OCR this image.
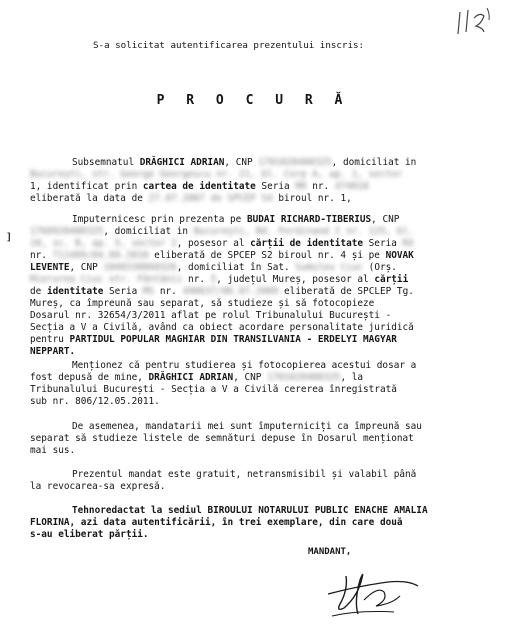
S-a solicitat autentificarea prezentului inscris:
P R O C U R Ă
Subsemnatul DRĂGHICI ADRIAN, CNP 1701020400325, domiciliat in
București, str. George Georgescu nr. 21, bl. Corp A, ap. 1, sector
1, identificat prin cartea de identitate Seria RR nr. 474018
eliberată la data de 27.07.2007 de SPCEP S4 biroul nr. 1,
]
Imputernicesc prin prezenta pe BUDAI RICHARD-TIBERIUS, CNP
1760920400325, domiciliat in București, Bd. Ferdinand I nr. 125, bl.
10, sc. B, ap. 5, sector 2, posesor al cărții de identitate Seria RX
nr. 711499/04.09.2010 eliberată de SPCEP S2 biroul nr. 4 și pe NOVAK
LEVENTE, CNP 1840330060326, domiciliat în Sat. Sumuleu Ciuc (Orș.
Mierurea Ciuc str. Fântânii nr. 5, județul Mureș, posesor al cărții
de identitate Seria MS nr. 490637/06.07.2009 eliberată de SPCLEP Tg.
Mureș, ca împreună sau separat, să studieze și să fotocopieze
Dosarul nr. 32654/3/2011 aflat pe rolul Tribunalului București -
Secția a V a Civilă, având ca obiect acordare personalitate juridică
pentru PARTIDUL POPULAR MAGHIAR DIN TRANSILVANIA - ERDELYI MAGYAR
NEPPART.
Menționez că pentru studierea și fotocopierea acestui dosar a
fost depusă de mine, DRĂGHICI ADRIAN, CNP 1701020400325, la
Tribunalului București - Secția a V a Civilă cererea înregistrată
sub nr. 806/12.05.2011.
De asemenea, mandatarii mei sunt împuterniciți ca împreună sau
separat să studieze listele de semnături depuse în Dosarul menționat
mai sus.
Prezentul mandat este gratuit, netransmisibil și valabil până
la revocarea-sa expresă.
Tehnoredactat la sediul BIROULUI NOTARULUI PUBLIC ENACHE AMALIA
FLORINA, azi data autentificării, în trei exemplare, din care două
s-au eliberat părții.
MANDANT,
